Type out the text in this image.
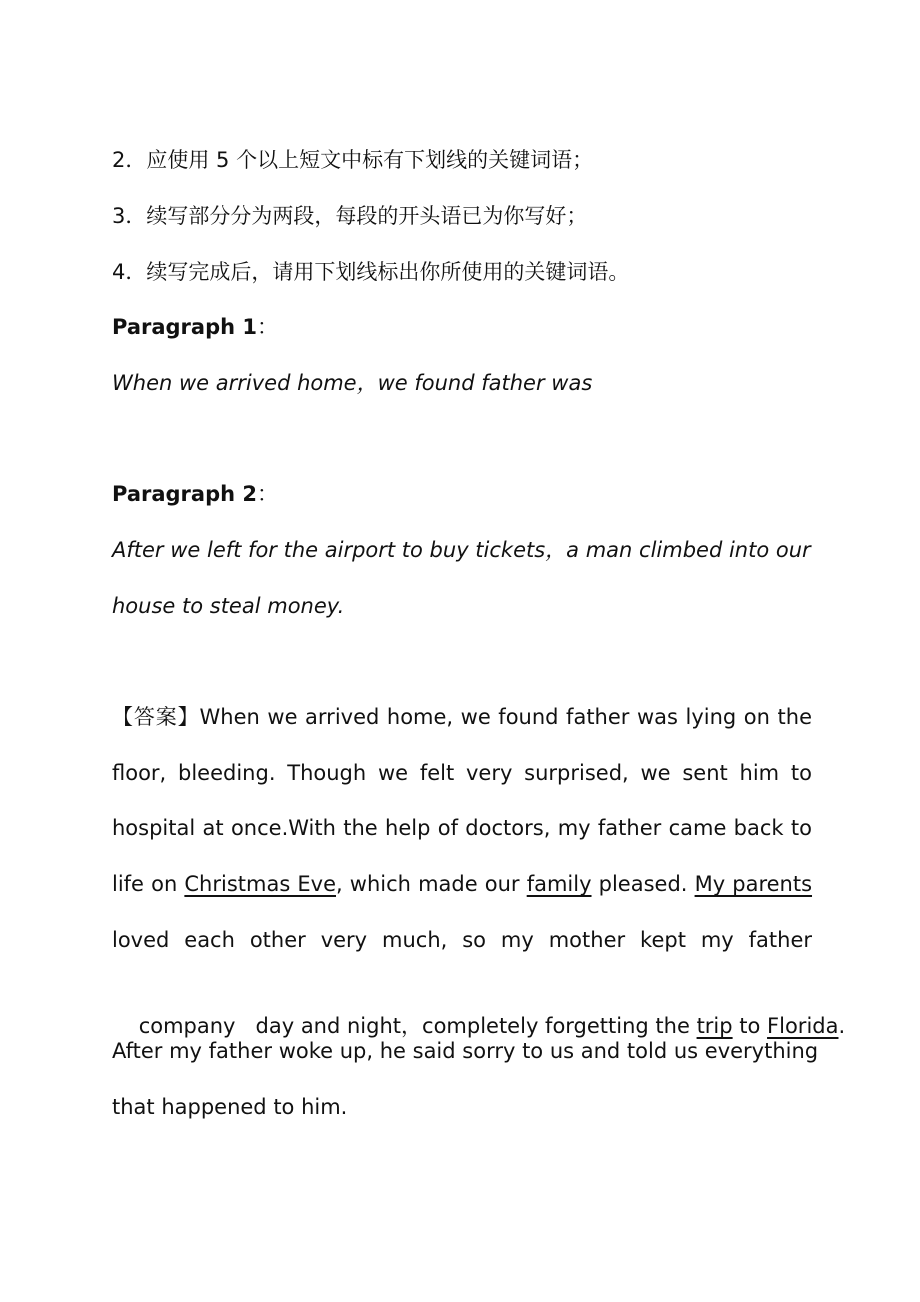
2．应使用 5 个以上短文中标有下划线的关键词语；
3．续写部分分为两段，每段的开头语已为你写好；
4．续写完成后，请用下划线标出你所使用的关键词语。
Paragraph 1：
When we arrived home，we found father was
Paragraph 2：
After we left for the airport to buy tickets，a man climbed into our
house to steal money.
【答案】When we arrived home, we found father was lying on the
floor, bleeding. Though we felt very surprised, we sent him to
hospital at once.With the help of doctors, my father came back to
life on Christmas Eve, which made our family pleased. My parents
loved each other very much, so my mother kept my father

company   day and night，completely forgetting the trip to Florida.

After my father woke up, he said sorry to us and told us everything
that happened to him.
